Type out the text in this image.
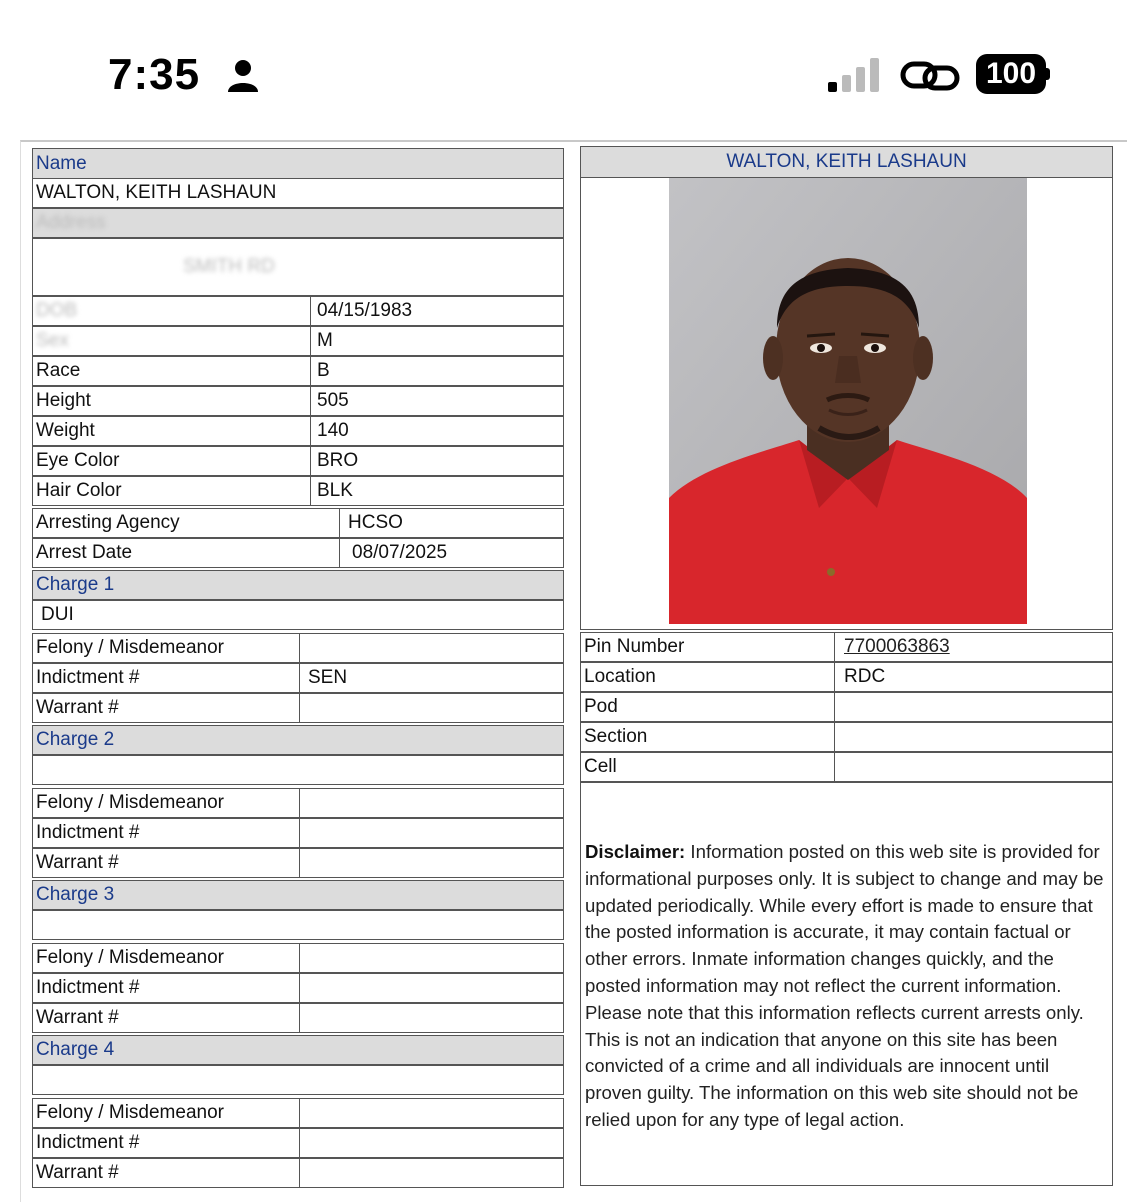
7:35	100
Name
WALTON, KEITH LASHAUN
Address
SMITH RD
DOB	04/15/1983
Sex	M
Race	B
Height	505
Weight	140
Eye Color	BRO
Hair Color	BLK
Arresting Agency	HCSO
Arrest Date	08/07/2025
Charge 1
DUI
Felony / Misdemeanor
Indictment #	SEN
Warrant #
Charge 2
Felony / Misdemeanor
Indictment #
Warrant #
Charge 3
Felony / Misdemeanor
Indictment #
Warrant #
Charge 4
Felony / Misdemeanor
Indictment #
Warrant #
WALTON, KEITH LASHAUN
Pin Number	7700063863
Location	RDC
Pod
Section
Cell
Disclaimer: Information posted on this web site is provided for informational purposes only. It is subject to change and may be updated periodically. While every effort is made to ensure that the posted information is accurate, it may contain factual or other errors. Inmate information changes quickly, and the posted information may not reflect the current information. Please note that this information reflects current arrests only. This is not an indication that anyone on this site has been convicted of a crime and all individuals are innocent until proven guilty. The information on this web site should not be relied upon for any type of legal action.
